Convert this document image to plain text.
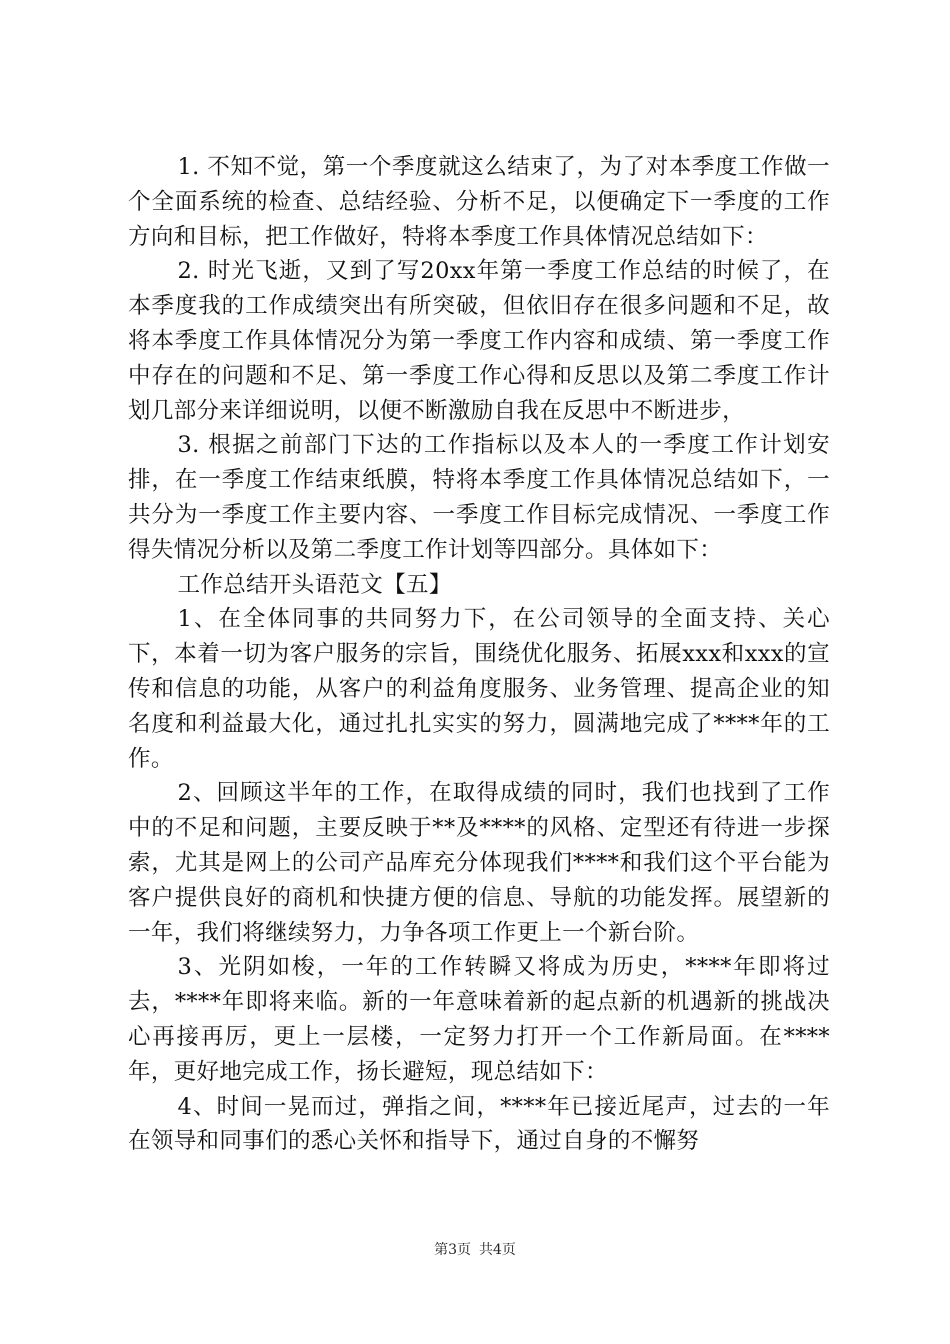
1. 不知不觉，第一个季度就这么结束了，为了对本季度工作做一个全面系统的检查、总结经验、分析不足，以便确定下一季度的工作方向和目标，把工作做好，特将本季度工作具体情况总结如下：

2. 时光飞逝，又到了写20xx年第一季度工作总结的时候了，在本季度我的工作成绩突出有所突破，但依旧存在很多问题和不足，故将本季度工作具体情况分为第一季度工作内容和成绩、第一季度工作中存在的问题和不足、第一季度工作心得和反思以及第二季度工作计划几部分来详细说明，以便不断激励自我在反思中不断进步，

3. 根据之前部门下达的工作指标以及本人的一季度工作计划安排，在一季度工作结束纸膜，特将本季度工作具体情况总结如下，一共分为一季度工作主要内容、一季度工作目标完成情况、一季度工作得失情况分析以及第二季度工作计划等四部分。具体如下：

工作总结开头语范文【五】

1、在全体同事的共同努力下，在公司领导的全面支持、关心下，本着一切为客户服务的宗旨，围绕优化服务、拓展xxx和xxx的宣传和信息的功能，从客户的利益角度服务、业务管理、提高企业的知名度和利益最大化，通过扎扎实实的努力，圆满地完成了****年的工作。

2、回顾这半年的工作，在取得成绩的同时，我们也找到了工作中的不足和问题，主要反映于**及****的风格、定型还有待进一步探索，尤其是网上的公司产品库充分体现我们****和我们这个平台能为客户提供良好的商机和快捷方便的信息、导航的功能发挥。展望新的一年，我们将继续努力，力争各项工作更上一个新台阶。

3、光阴如梭，一年的工作转瞬又将成为历史，****年即将过去，****年即将来临。新的一年意味着新的起点新的机遇新的挑战决心再接再厉，更上一层楼，一定努力打开一个工作新局面。在****年，更好地完成工作，扬长避短，现总结如下：

4、时间一晃而过，弹指之间，****年已接近尾声，过去的一年在领导和同事们的悉心关怀和指导下，通过自身的不懈努

第3页 共4页
